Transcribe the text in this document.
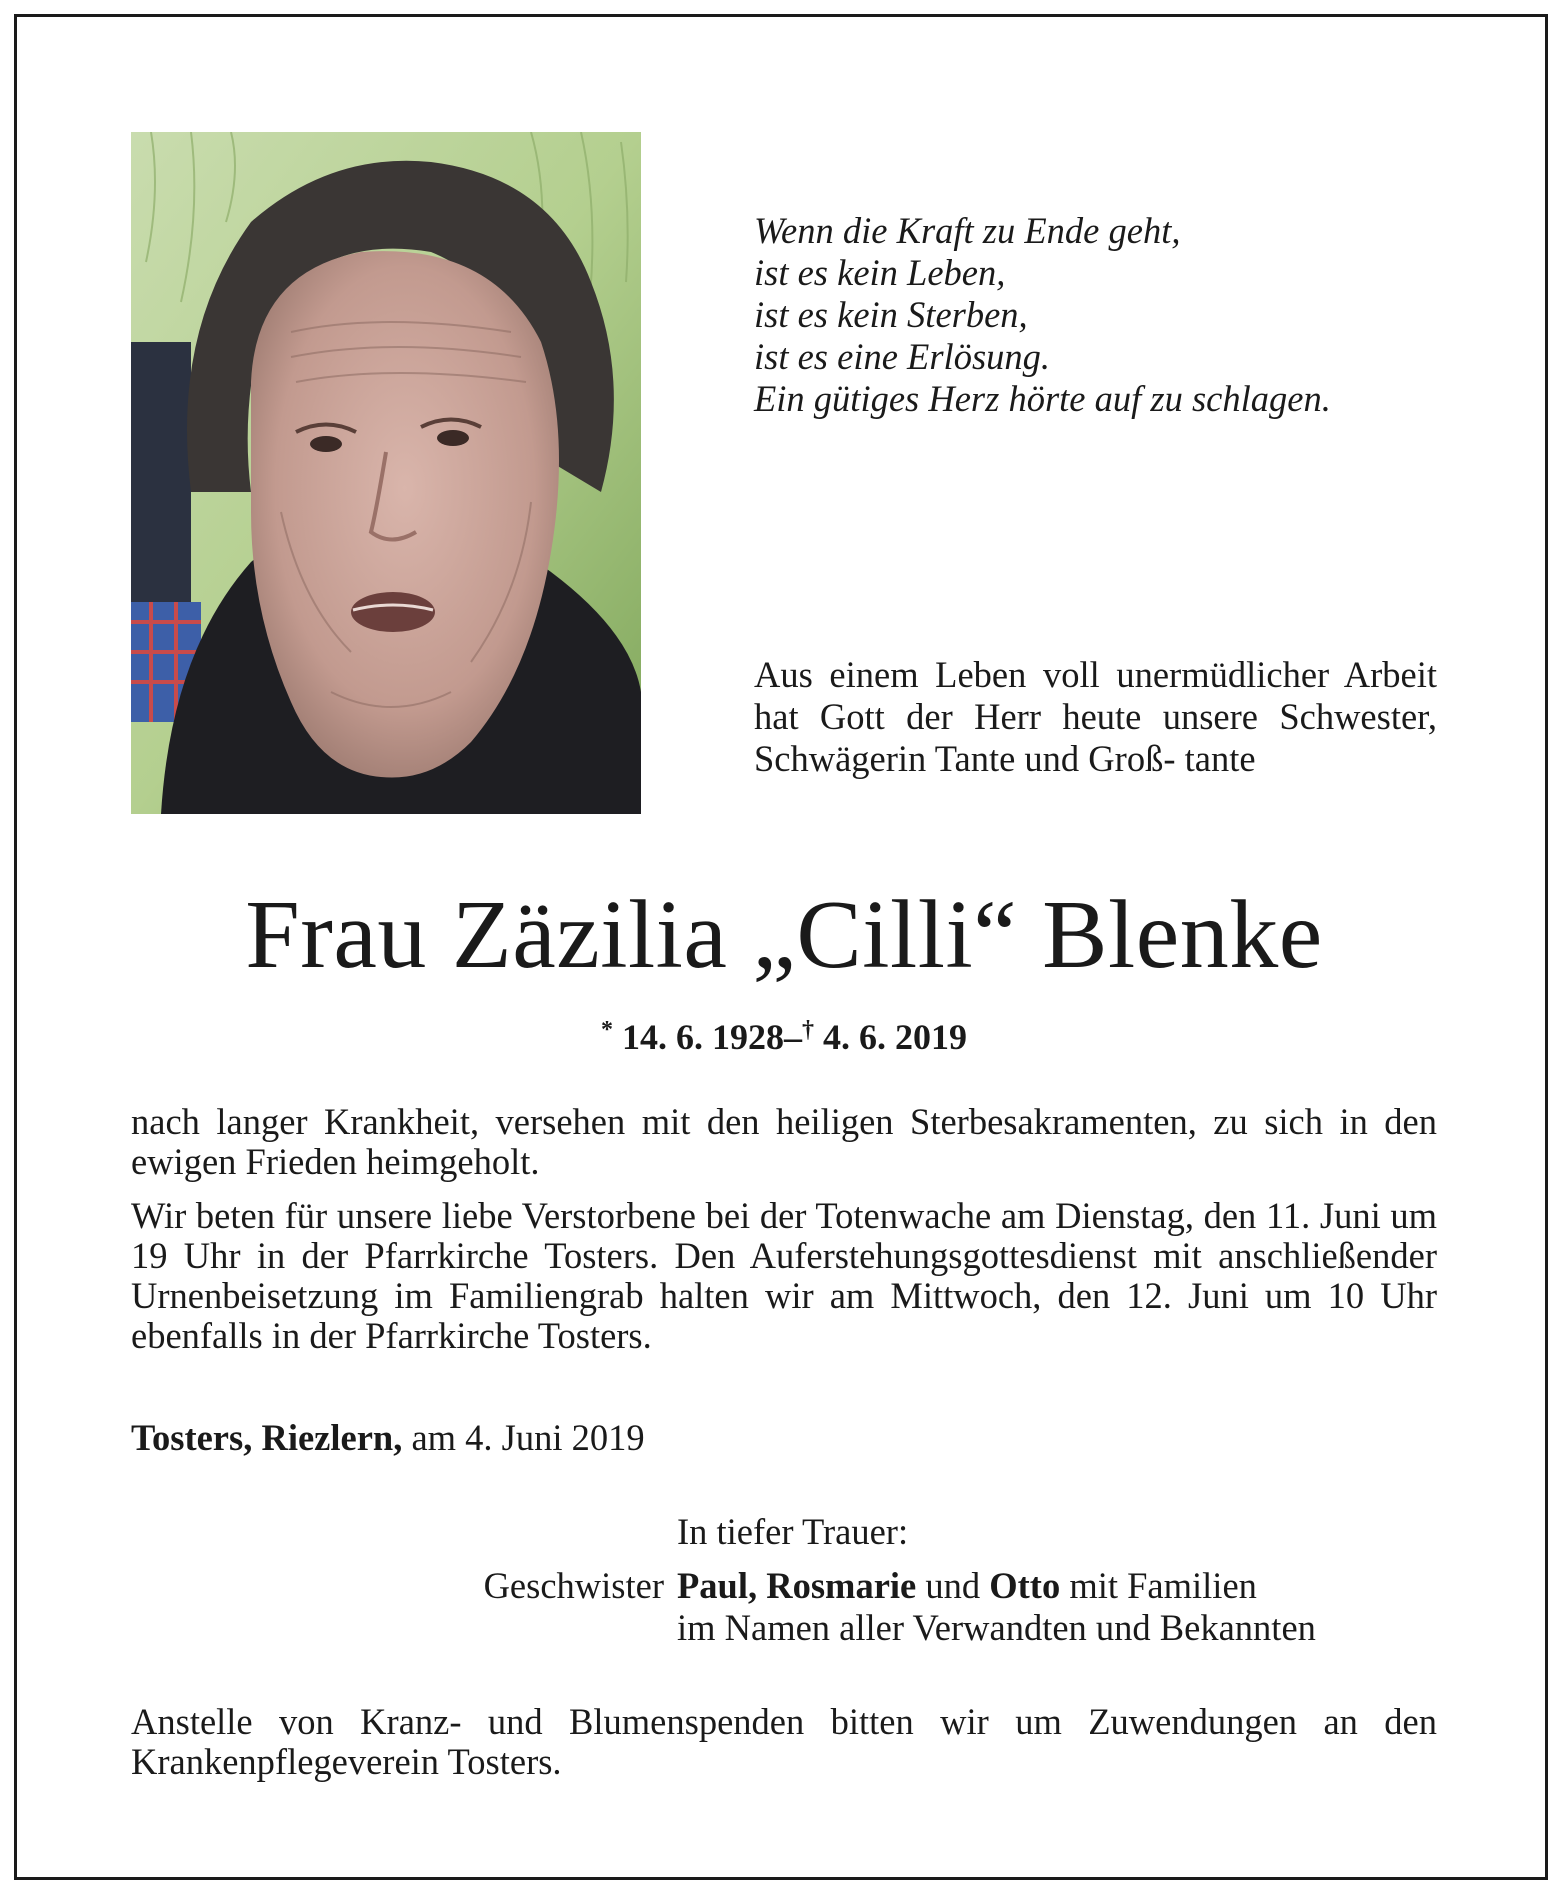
Wenn die Kraft zu Ende geht,
ist es kein Leben,
ist es kein Sterben,
ist es eine Erlösung.
Ein gütiges Herz hörte auf zu schlagen.

Aus einem Leben voll unermüdlicher Arbeit hat Gott der Herr heute unsere Schwester, Schwägerin Tante und Groß- tante

Frau Zäzilia „Cilli“ Blenke
* 14. 6. 1928–† 4. 6. 2019

nach langer Krankheit, versehen mit den heiligen Sterbesakramenten, zu sich in den ewigen Frieden heimgeholt.

Wir beten für unsere liebe Verstorbene bei der Totenwache am Dienstag, den 11. Juni um 19 Uhr in der Pfarrkirche Tosters. Den Auferstehungsgottesdienst mit anschließender Urnenbeisetzung im Familiengrab halten wir am Mittwoch, den 12. Juni um 10 Uhr ebenfalls in der Pfarrkirche Tosters.

Tosters, Riezlern, am 4. Juni 2019
In tiefer Trauer:
Geschwister Paul, Rosmarie und Otto mit Familien
im Namen aller Verwandten und Bekannten

Anstelle von Kranz- und Blumenspenden bitten wir um Zuwendungen an den Krankenpflegeverein Tosters.
